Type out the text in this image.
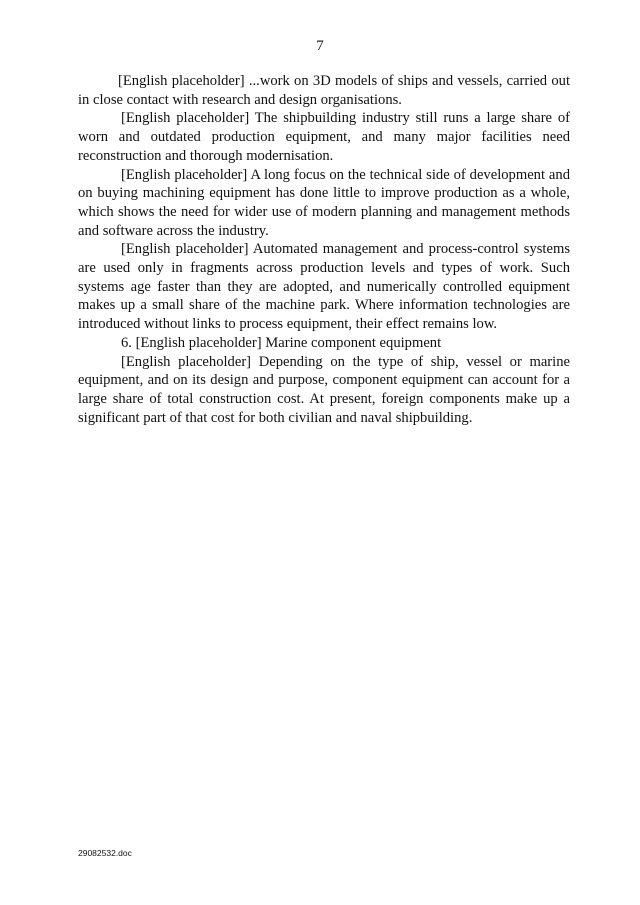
7

[English placeholder] ...work on 3D models of ships and vessels, carried out in close contact with research and design organisations.

[English placeholder] The shipbuilding industry still runs a large share of worn and outdated production equipment, and many major facilities need reconstruction and thorough modernisation.

[English placeholder] A long focus on the technical side of development and on buying machining equipment has done little to improve production as a whole, which shows the need for wider use of modern planning and management methods and software across the industry.

[English placeholder] Automated management and process-control systems are used only in fragments across production levels and types of work. Such systems age faster than they are adopted, and numerically controlled equipment makes up a small share of the machine park. Where information technologies are introduced without links to process equipment, their effect remains low.

6. [English placeholder] Marine component equipment

[English placeholder] Depending on the type of ship, vessel or marine equipment, and on its design and purpose, component equipment can account for a large share of total construction cost. At present, foreign components make up a significant part of that cost for both civilian and naval shipbuilding.

29082532.doc
